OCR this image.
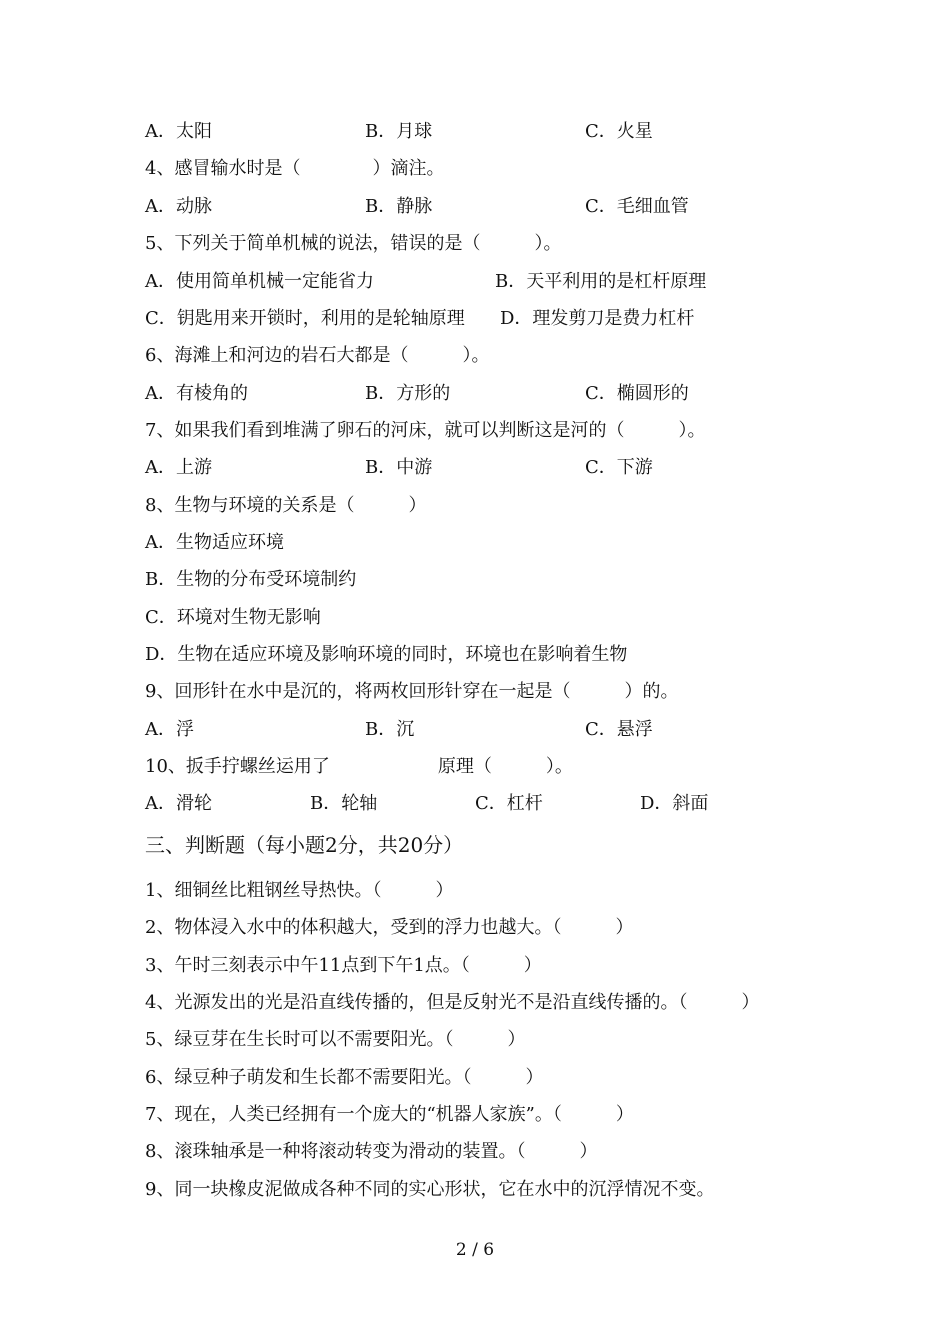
A．太阳	B．月球	C．火星
4、感冒输水时是（　　　　）滴注。
A．动脉	B．静脉	C．毛细血管
5、下列关于简单机械的说法，错误的是（　　　）。
A．使用简单机械一定能省力	B．天平利用的是杠杆原理
C．钥匙用来开锁时，利用的是轮轴原理 D．理发剪刀是费力杠杆
6、海滩上和河边的岩石大都是（　　　）。
A．有棱角的	B．方形的	C．椭圆形的
7、如果我们看到堆满了卵石的河床，就可以判断这是河的（　　　）。
A．上游	B．中游	C．下游
8、生物与环境的关系是（　　　）
A．生物适应环境
B．生物的分布受环境制约
C．环境对生物无影响
D．生物在适应环境及影响环境的同时，环境也在影响着生物
9、回形针在水中是沉的，将两枚回形针穿在一起是（　　　）的。
A．浮	B．沉	C．悬浮
10、扳手拧螺丝运用了　　　　　　原理（　　　）。
A．滑轮	B．轮轴	C．杠杆	D．斜面
三、判断题（每小题2分，共20分）
1、细铜丝比粗钢丝导热快。（　　　）
2、物体浸入水中的体积越大，受到的浮力也越大。（　　　）
3、午时三刻表示中午11点到下午1点。（　　　）
4、光源发出的光是沿直线传播的，但是反射光不是沿直线传播的。（　　　）
5、绿豆芽在生长时可以不需要阳光。（　　　）
6、绿豆种子萌发和生长都不需要阳光。（　　　）
7、现在，人类已经拥有一个庞大的“机器人家族”。（　　　）
8、滚珠轴承是一种将滚动转变为滑动的装置。（　　　）
9、同一块橡皮泥做成各种不同的实心形状，它在水中的沉浮情况不变。
2 / 6
